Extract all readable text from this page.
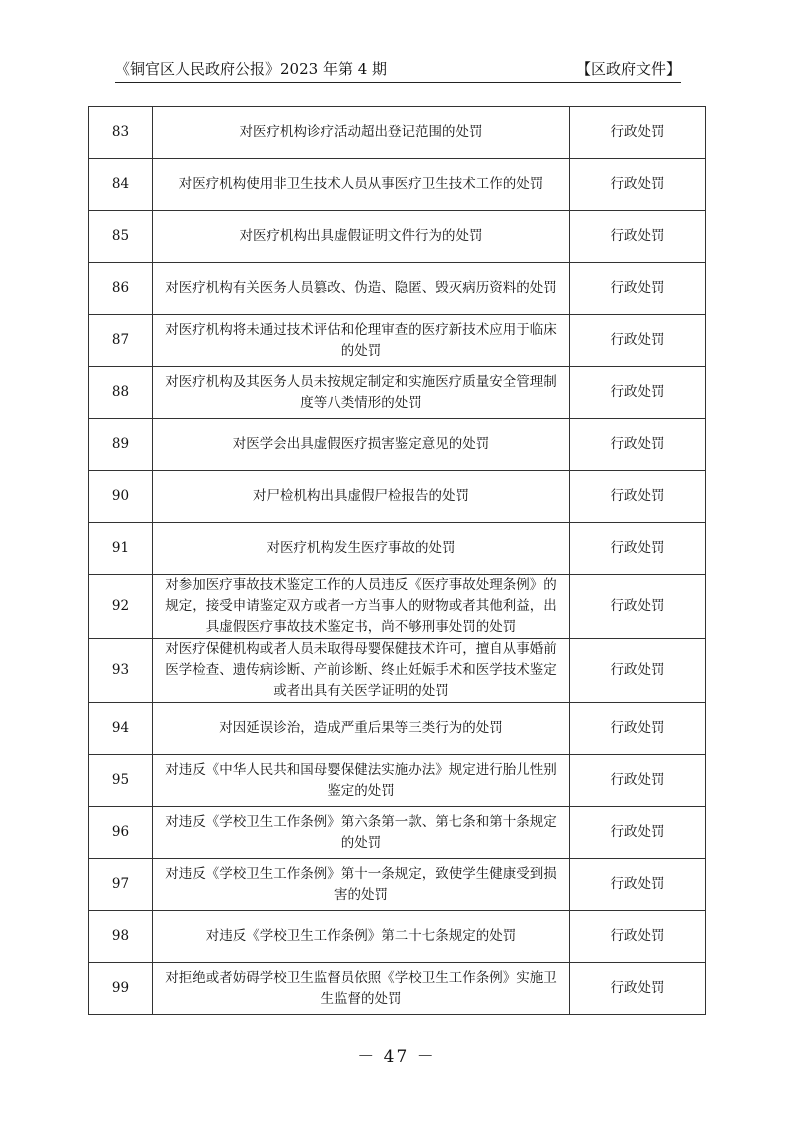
《铜官区人民政府公报》2023 年第 4 期	【区政府文件】
83	对医疗机构诊疗活动超出登记范围的处罚	行政处罚
84	对医疗机构使用非卫生技术人员从事医疗卫生技术工作的处罚	行政处罚
85	对医疗机构出具虚假证明文件行为的处罚	行政处罚
86	对医疗机构有关医务人员篡改、伪造、隐匿、毁灭病历资料的处罚	行政处罚
87	对医疗机构将未通过技术评估和伦理审查的医疗新技术应用于临床的处罚	行政处罚
88	对医疗机构及其医务人员未按规定制定和实施医疗质量安全管理制度等八类情形的处罚	行政处罚
89	对医学会出具虚假医疗损害鉴定意见的处罚	行政处罚
90	对尸检机构出具虚假尸检报告的处罚	行政处罚
91	对医疗机构发生医疗事故的处罚	行政处罚
92	对参加医疗事故技术鉴定工作的人员违反《医疗事故处理条例》的规定，接受申请鉴定双方或者一方当事人的财物或者其他利益，出具虚假医疗事故技术鉴定书，尚不够刑事处罚的处罚	行政处罚
93	对医疗保健机构或者人员未取得母婴保健技术许可，擅自从事婚前医学检查、遗传病诊断、产前诊断、终止妊娠手术和医学技术鉴定或者出具有关医学证明的处罚	行政处罚
94	对因延误诊治，造成严重后果等三类行为的处罚	行政处罚
95	对违反《中华人民共和国母婴保健法实施办法》规定进行胎儿性别鉴定的处罚	行政处罚
96	对违反《学校卫生工作条例》第六条第一款、第七条和第十条规定的处罚	行政处罚
97	对违反《学校卫生工作条例》第十一条规定，致使学生健康受到损害的处罚	行政处罚
98	对违反《学校卫生工作条例》第二十七条规定的处罚	行政处罚
99	对拒绝或者妨碍学校卫生监督员依照《学校卫生工作条例》实施卫生监督的处罚	行政处罚
－ 47 －
